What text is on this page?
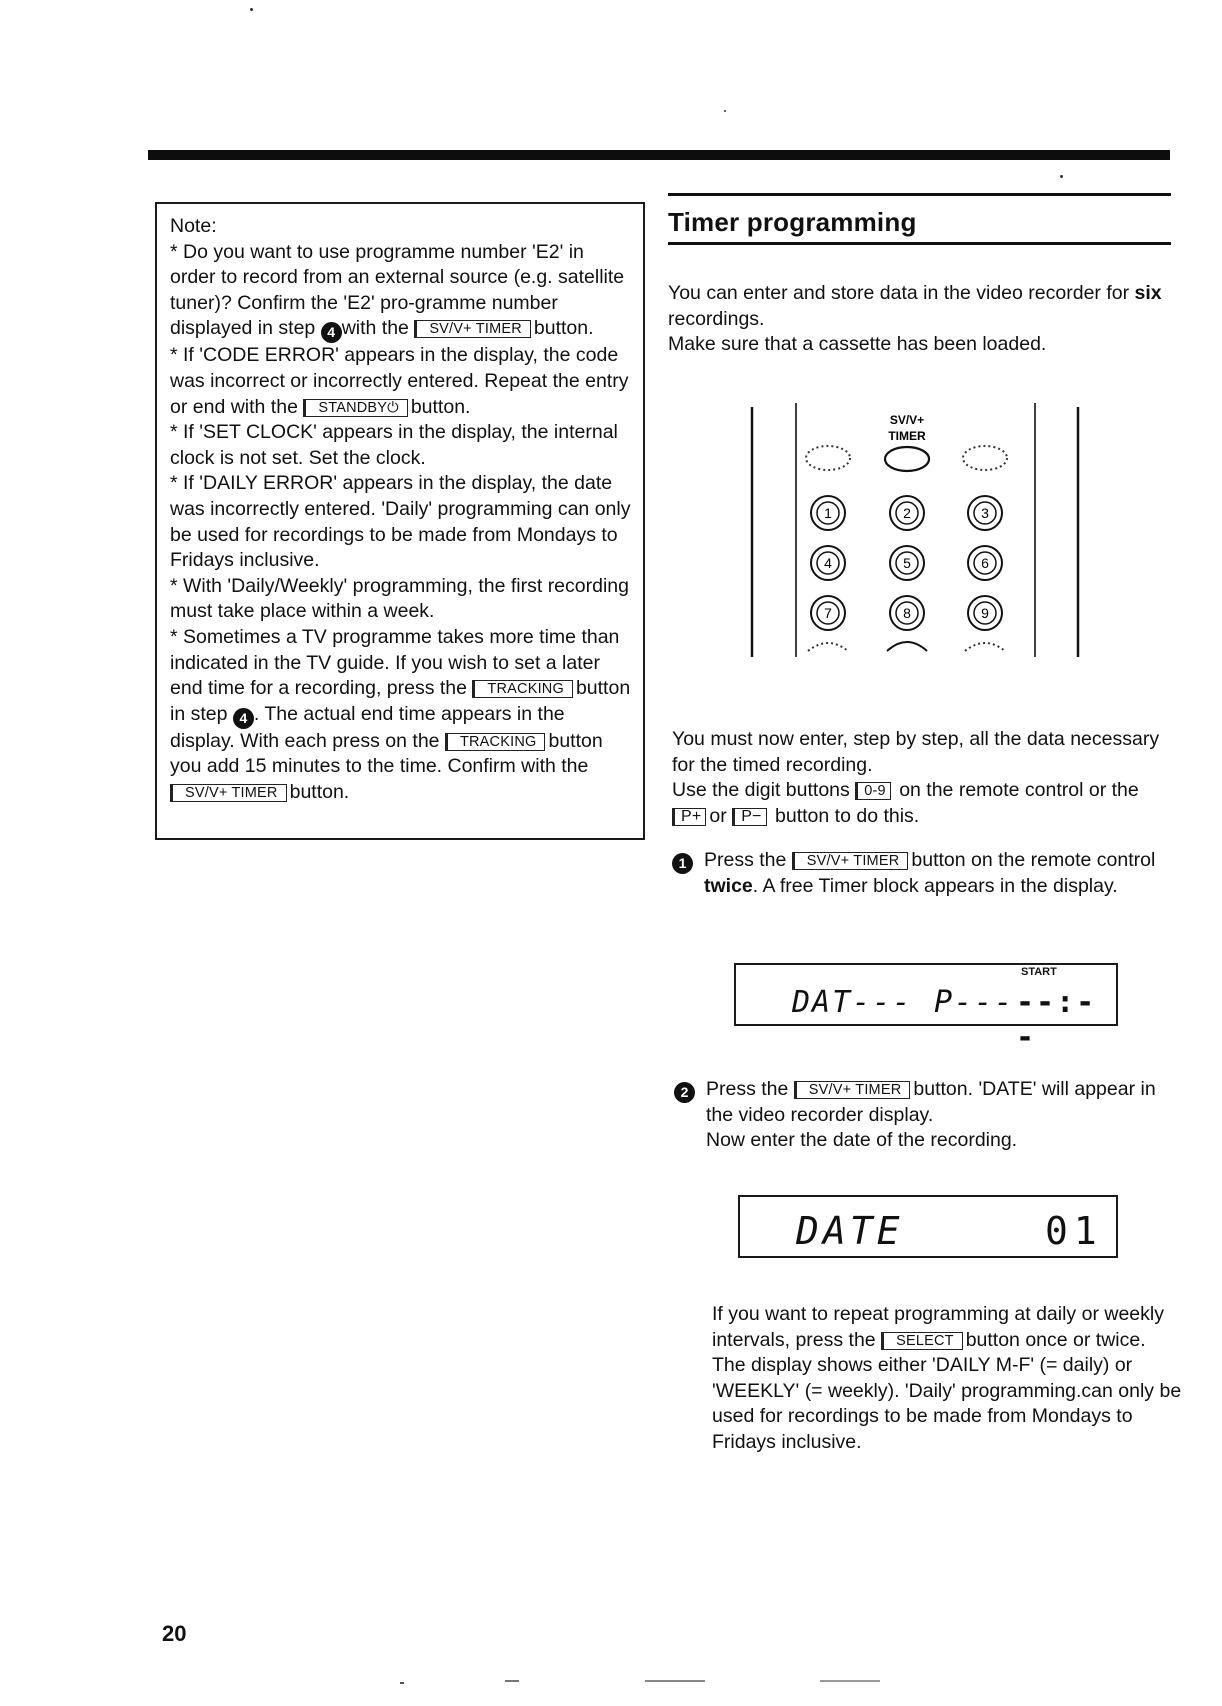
Note:

* Do you want to use programme number 'E2' in order to record from an external source (e.g. satellite tuner)? Confirm the 'E2' pro-gramme number displayed in step 4 with the SV/V+ TIMER button.

* If 'CODE ERROR' appears in the display, the code was incorrect or incorrectly entered. Repeat the entry or end with the STANDBY⏻ button.

* If 'SET CLOCK' appears in the display, the internal clock is not set. Set the clock.

* If 'DAILY ERROR' appears in the display, the date was incorrectly entered. 'Daily' programming can only be used for recordings to be made from Mondays to Fridays inclusive.

* With 'Daily/Weekly' programming, the first recording must take place within a week.

* Sometimes a TV programme takes more time than indicated in the TV guide. If you wish to set a later end time for a recording, press the TRACKING button in step 4 . The actual end time appears in the display. With each press on the TRACKING button you add 15 minutes to the time. Confirm with the SV/V+ TIMER button.

Timer programming

You can enter and store data in the video recorder for six recordings.

Make sure that a cassette has been loaded.

SV/V+
TIMER
1	2	3
4	5	6
7	8	9

You must now enter, step by step, all the data necessary for the timed recording.

Use the digit buttons 0-9 on the remote control or the P+ or P− button to do this.

1 Press the SV/V+ TIMER button on the remote control twice. A free Timer block appears in the display.

START
DAT--- P--- --:--
2 Press the SV/V+ TIMER button. 'DATE' will appear in the video recorder display.

Now enter the date of the recording.

DATE	01

If you want to repeat programming at daily or weekly intervals, press the SELECT button once or twice. The display shows either 'DAILY M-F' (= daily) or 'WEEKLY' (= weekly). 'Daily' programming.can only be used for recordings to be made from Mondays to Fridays inclusive.

20
